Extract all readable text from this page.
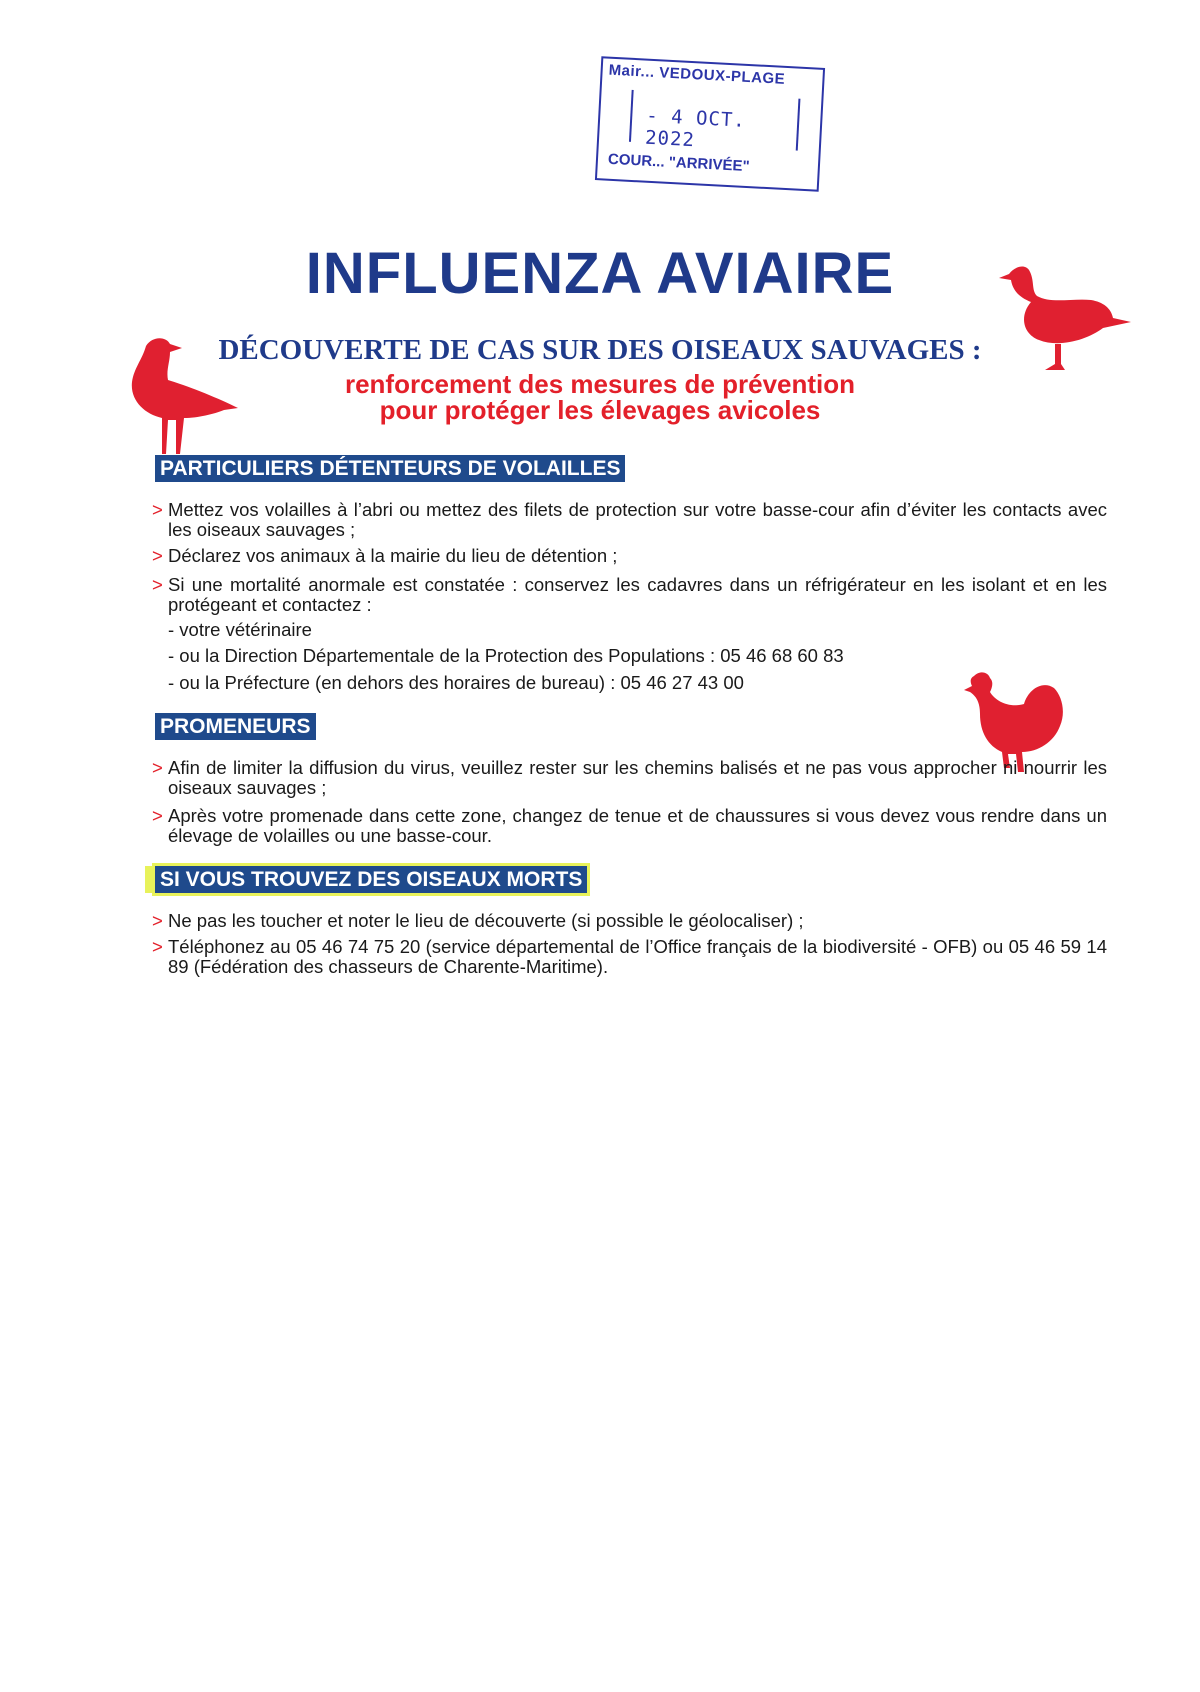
Mair... VEDOUX-PLAGE
- 4 OCT. 2022
COUR... "ARRIVÉE"
INFLUENZA AVIAIRE
DÉCOUVERTE DE CAS SUR DES OISEAUX SAUVAGES :
renforcement des mesures de prévention
pour protéger les élevages avicoles
PARTICULIERS DÉTENTEURS DE VOLAILLES
> Mettez vos volailles à l’abri ou mettez des filets de protection sur votre basse-cour afin d’éviter les contacts avec les oiseaux sauvages ;
> Déclarez vos animaux à la mairie du lieu de détention ;
> Si une mortalité anormale est constatée : conservez les cadavres dans un réfrigérateur en les isolant et en les protégeant et contactez :
- votre vétérinaire
- ou la Direction Départementale de la Protection des Populations : 05 46 68 60 83
- ou la Préfecture (en dehors des horaires de bureau) : 05 46 27 43 00
PROMENEURS
> Afin de limiter la diffusion du virus, veuillez rester sur les chemins balisés et ne pas vous approcher ni nourrir les oiseaux sauvages ;
> Après votre promenade dans cette zone, changez de tenue et de chaussures si vous devez vous rendre dans un élevage de volailles ou une basse-cour.
SI VOUS TROUVEZ DES OISEAUX MORTS
> Ne pas les toucher et noter le lieu de découverte (si possible le géolocaliser) ;
> Téléphonez au 05 46 74 75 20 (service départemental de l’Office français de la biodiversité - OFB) ou 05 46 59 14 89 (Fédération des chasseurs de Charente-Maritime).
